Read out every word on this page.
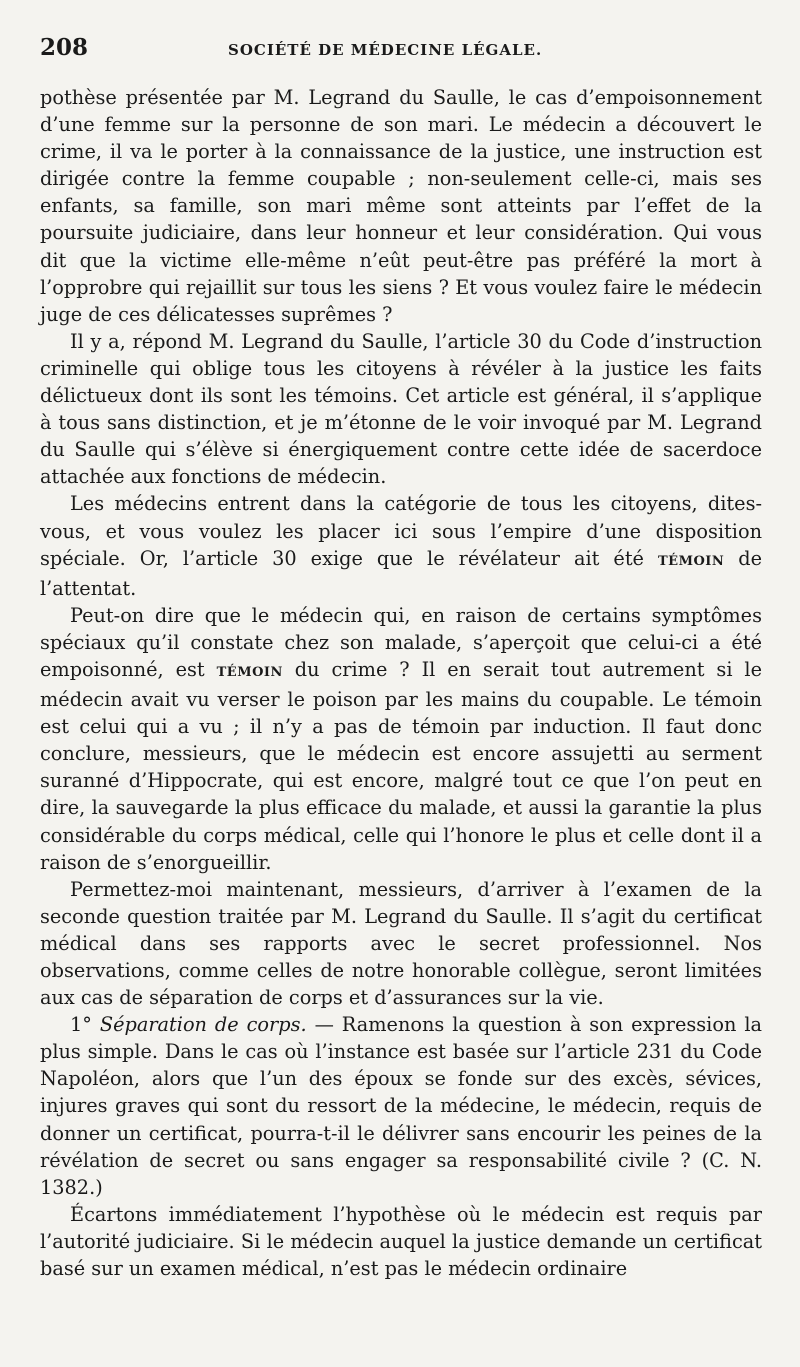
208	SOCIÉTÉ DE MÉDECINE LÉGALE.

pothèse présentée par M. Legrand du Saulle, le cas d’empoisonnement d’une femme sur la personne de son mari. Le médecin a découvert le crime, il va le porter à la connaissance de la justice, une instruction est dirigée contre la femme coupable ; non-seulement celle-ci, mais ses enfants, sa famille, son mari même sont atteints par l’effet de la poursuite judiciaire, dans leur honneur et leur considération. Qui vous dit que la victime elle-même n’eût peut-être pas préféré la mort à l’opprobre qui rejaillit sur tous les siens ? Et vous voulez faire le médecin juge de ces délicatesses suprêmes ?

Il y a, répond M. Legrand du Saulle, l’article 30 du Code d’instruction criminelle qui oblige tous les citoyens à révéler à la justice les faits délictueux dont ils sont les témoins. Cet article est général, il s’applique à tous sans distinction, et je m’étonne de le voir invoqué par M. Legrand du Saulle qui s’élève si énergiquement contre cette idée de sacerdoce attachée aux fonctions de médecin.

Les médecins entrent dans la catégorie de tous les citoyens, dites-vous, et vous voulez les placer ici sous l’empire d’une disposition spéciale. Or, l’article 30 exige que le révélateur ait été TÉMOIN de l’attentat.

Peut-on dire que le médecin qui, en raison de certains symptômes spéciaux qu’il constate chez son malade, s’aperçoit que celui-ci a été empoisonné, est TÉMOIN du crime ? Il en serait tout autrement si le médecin avait vu verser le poison par les mains du coupable. Le témoin est celui qui a vu ; il n’y a pas de témoin par induction. Il faut donc conclure, messieurs, que le médecin est encore assujetti au serment suranné d’Hippocrate, qui est encore, malgré tout ce que l’on peut en dire, la sauvegarde la plus efficace du malade, et aussi la garantie la plus considérable du corps médical, celle qui l’honore le plus et celle dont il a raison de s’enorgueillir.

Permettez-moi maintenant, messieurs, d’arriver à l’examen de la seconde question traitée par M. Legrand du Saulle. Il s’agit du certificat médical dans ses rapports avec le secret professionnel. Nos observations, comme celles de notre honorable collègue, seront limitées aux cas de séparation de corps et d’assurances sur la vie.

1° Séparation de corps. — Ramenons la question à son expression la plus simple. Dans le cas où l’instance est basée sur l’article 231 du Code Napoléon, alors que l’un des époux se fonde sur des excès, sévices, injures graves qui sont du ressort de la médecine, le médecin, requis de donner un certificat, pourra-t-il le délivrer sans encourir les peines de la révélation de secret ou sans engager sa responsabilité civile ? (C. N. 1382.)

Écartons immédiatement l’hypothèse où le médecin est requis par l’autorité judiciaire. Si le médecin auquel la justice demande un certificat basé sur un examen médical, n’est pas le médecin ordinaire
